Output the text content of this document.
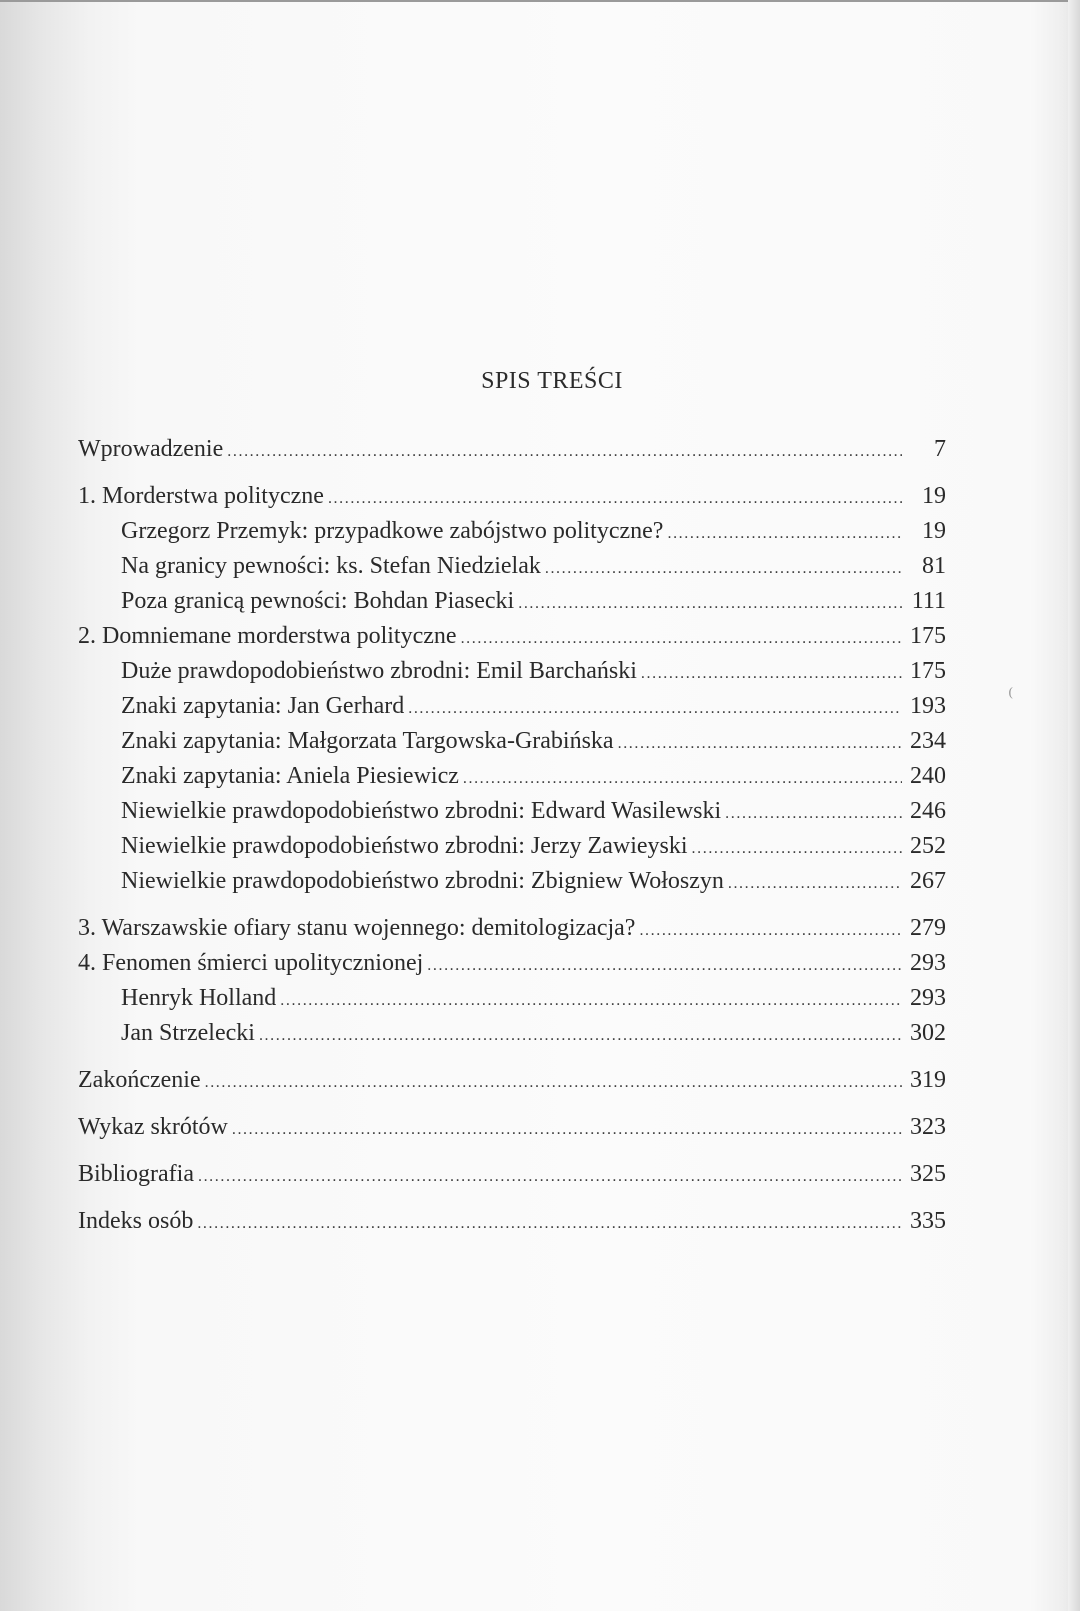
SPIS TREŚCI
Wprowadzenie .....	7
1. Morderstwa polityczne .....	19
Grzegorz Przemyk: przypadkowe zabójstwo polityczne? .....	19
Na granicy pewności: ks. Stefan Niedzielak .....	81
Poza granicą pewności: Bohdan Piasecki .....	111
2. Domniemane morderstwa polityczne .....	175
Duże prawdopodobieństwo zbrodni: Emil Barchański .....	175
Znaki zapytania: Jan Gerhard .....	193
Znaki zapytania: Małgorzata Targowska-Grabińska .....	234
Znaki zapytania: Aniela Piesiewicz .....	240
Niewielkie prawdopodobieństwo zbrodni: Edward Wasilewski .....	246
Niewielkie prawdopodobieństwo zbrodni: Jerzy Zawieyski .....	252
Niewielkie prawdopodobieństwo zbrodni: Zbigniew Wołoszyn .....	267
3. Warszawskie ofiary stanu wojennego: demitologizacja? .....	279
4. Fenomen śmierci upolitycznionej .....	293
Henryk Holland .....	293
Jan Strzelecki .....	302
Zakończenie .....	319
Wykaz skrótów .....	323
Bibliografia .....	325
Indeks osób .....	335
⁽
